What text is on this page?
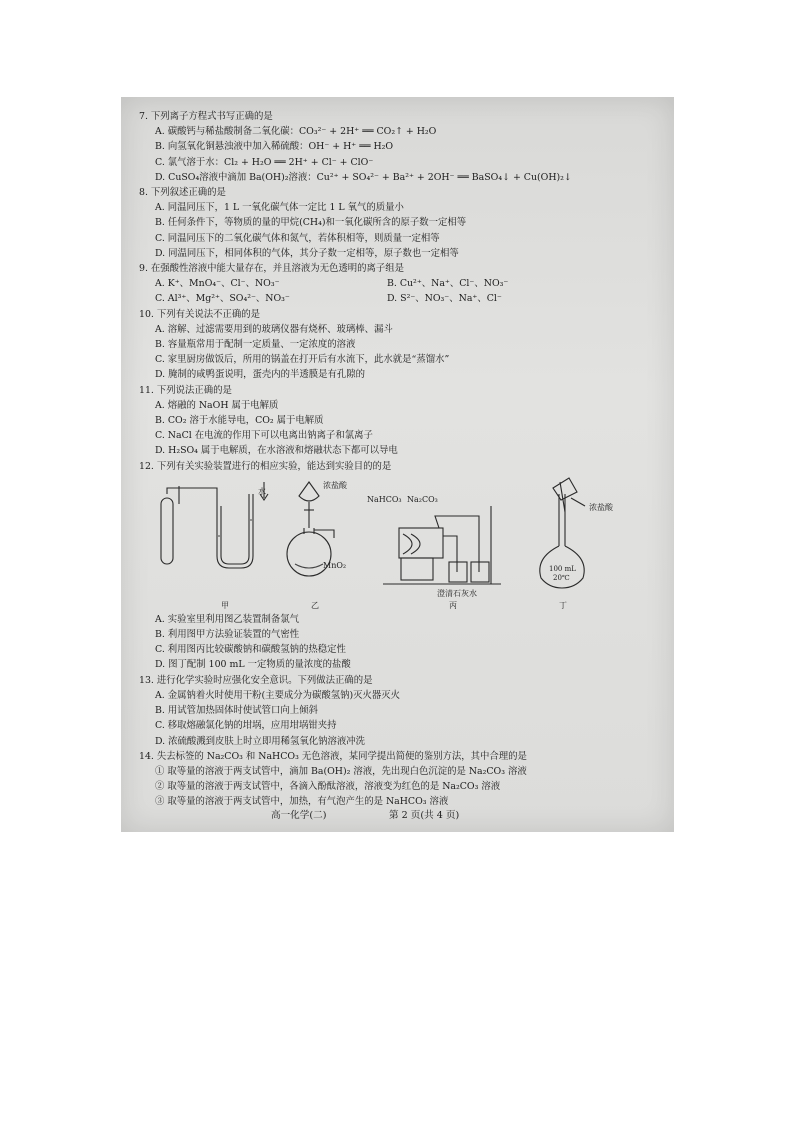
7. 下列离子方程式书写正确的是

A. 碳酸钙与稀盐酸制备二氧化碳：CO₃²⁻ + 2H⁺ ══ CO₂↑ + H₂O

B. 向氢氧化铜悬浊液中加入稀硫酸：OH⁻ + H⁺ ══ H₂O

C. 氯气溶于水：Cl₂ + H₂O ══ 2H⁺ + Cl⁻ + ClO⁻

D. CuSO₄溶液中滴加 Ba(OH)₂溶液：Cu²⁺ + SO₄²⁻ + Ba²⁺ + 2OH⁻ ══ BaSO₄↓ + Cu(OH)₂↓

8. 下列叙述正确的是

A. 同温同压下，1 L 一氧化碳气体一定比 1 L 氧气的质量小

B. 任何条件下，等物质的量的甲烷(CH₄)和一氧化碳所含的原子数一定相等

C. 同温同压下的二氧化碳气体和氮气，若体积相等，则质量一定相等

D. 同温同压下，相同体积的气体，其分子数一定相等，原子数也一定相等

9. 在强酸性溶液中能大量存在，并且溶液为无色透明的离子组是

A. K⁺、MnO₄⁻、Cl⁻、NO₃⁻	B. Cu²⁺、Na⁺、Cl⁻、NO₃⁻
C. Al³⁺、Mg²⁺、SO₄²⁻、NO₃⁻	D. S²⁻、NO₃⁻、Na⁺、Cl⁻

10. 下列有关说法不正确的是

A. 溶解、过滤需要用到的玻璃仪器有烧杯、玻璃棒、漏斗

B. 容量瓶常用于配制一定质量、一定浓度的溶液

C. 家里厨房做饭后，所用的锅盖在打开后有水流下，此水就是“蒸馏水”

D. 腌制的咸鸭蛋说明，蛋壳内的半透膜是有孔隙的

11. 下列说法正确的是

A. 熔融的 NaOH 属于电解质

B. CO₂ 溶于水能导电，CO₂ 属于电解质

C. NaCl 在电流的作用下可以电离出钠离子和氯离子

D. H₂SO₄ 属于电解质，在水溶液和熔融状态下都可以导电

12. 下列有关实验装置进行的相应实验，能达到实验目的的是

水
浓盐酸
MnO₂
NaHCO₃ Na₂CO₃
澄清石灰水
100 mL
20℃
浓盐酸
甲	乙	丙	丁

A. 实验室里利用图乙装置制备氯气

B. 利用图甲方法验证装置的气密性

C. 利用图丙比较碳酸钠和碳酸氢钠的热稳定性

D. 图丁配制 100 mL 一定物质的量浓度的盐酸

13. 进行化学实验时应强化安全意识。下列做法正确的是

A. 金属钠着火时使用干粉(主要成分为碳酸氢钠)灭火器灭火

B. 用试管加热固体时使试管口向上倾斜

C. 移取熔融氯化钠的坩埚，应用坩埚钳夹持

D. 浓硫酸溅到皮肤上时立即用稀氢氧化钠溶液冲洗

14. 失去标签的 Na₂CO₃ 和 NaHCO₃ 无色溶液，某同学提出简便的鉴别方法，其中合理的是

① 取等量的溶液于两支试管中，滴加 Ba(OH)₂ 溶液，先出现白色沉淀的是 Na₂CO₃ 溶液

② 取等量的溶液于两支试管中，各滴入酚酞溶液，溶液变为红色的是 Na₂CO₃ 溶液

③ 取等量的溶液于两支试管中，加热，有气泡产生的是 NaHCO₃ 溶液

高一化学(二)	第 2 页(共 4 页)
